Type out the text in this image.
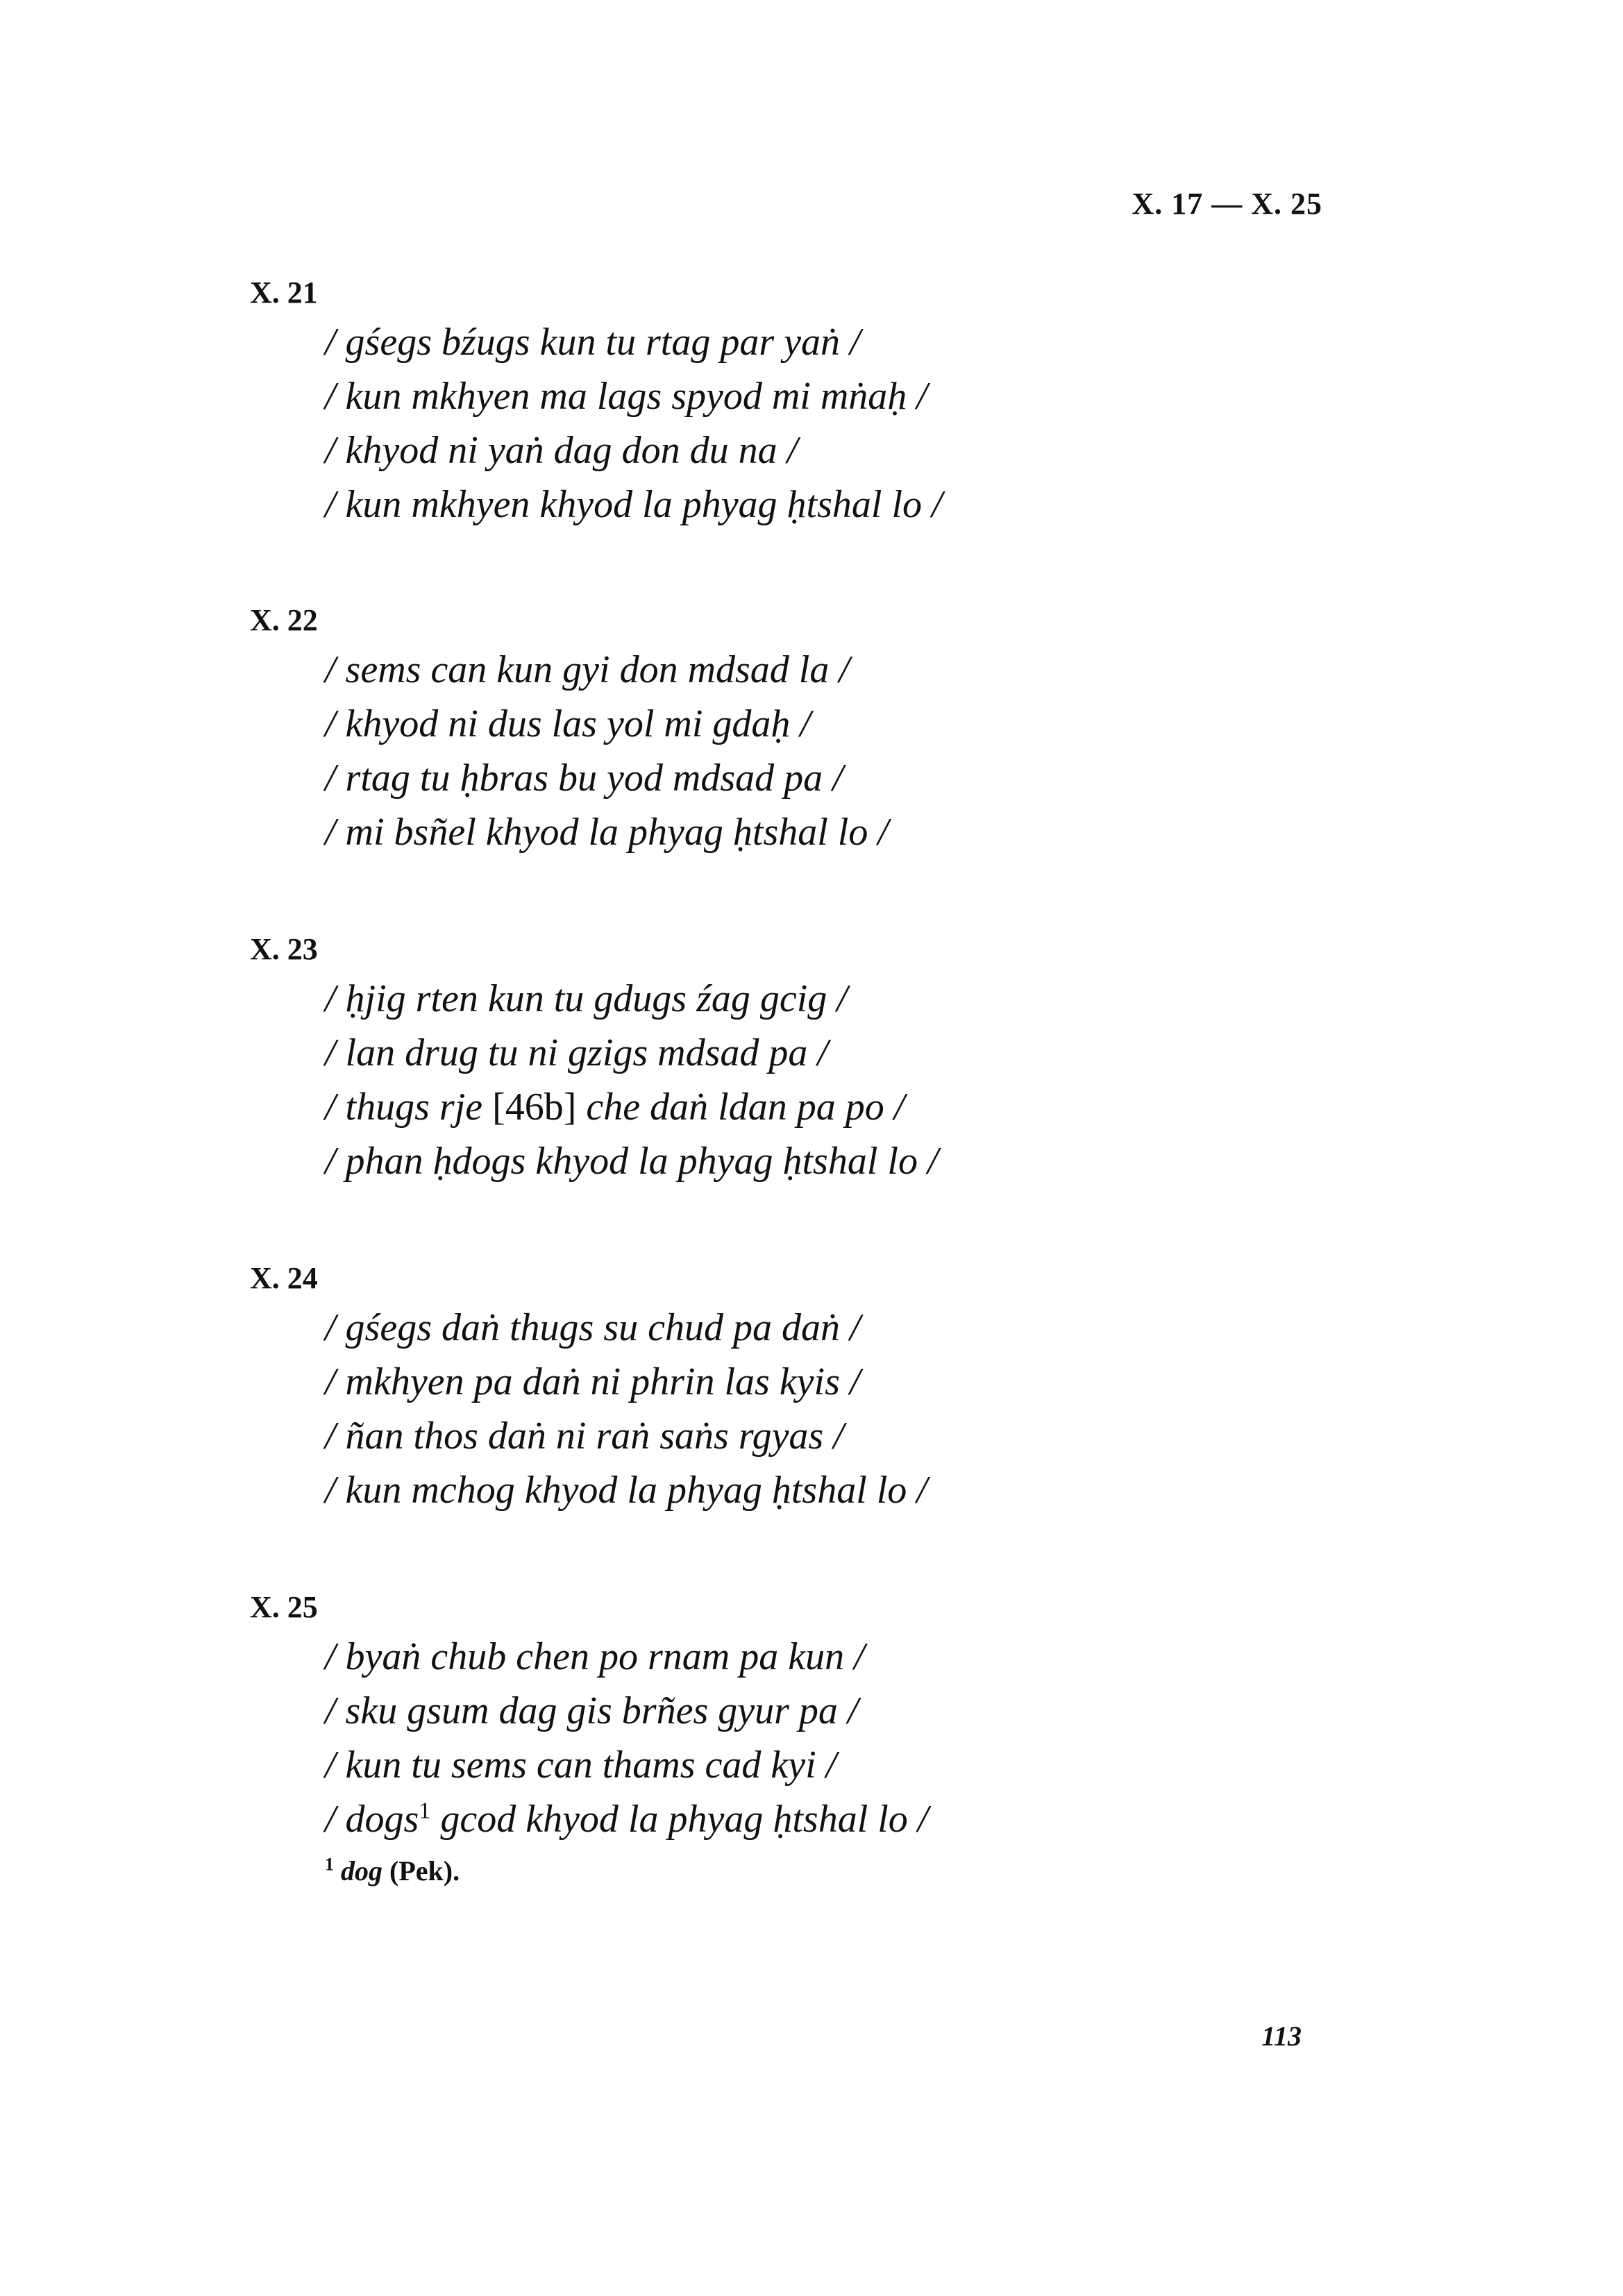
X. 17 — X. 25
X. 21
/ gśegs bźugs kun tu rtag par yaṅ /
/ kun mkhyen ma lags spyod mi mṅaḥ /
/ khyod ni yaṅ dag don du na /
/ kun mkhyen khyod la phyag ḥtshal lo /
X. 22
/ sems can kun gyi don mdsad la /
/ khyod ni dus las yol mi gdaḥ /
/ rtag tu ḥbras bu yod mdsad pa /
/ mi bsñel khyod la phyag ḥtshal lo /
X. 23
/ ḥjig rten kun tu gdugs źag gcig /
/ lan drug tu ni gzigs mdsad pa /
/ thugs rje [46b] che daṅ ldan pa po /
/ phan ḥdogs khyod la phyag ḥtshal lo /
X. 24
/ gśegs daṅ thugs su chud pa daṅ /
/ mkhyen pa daṅ ni phrin las kyis /
/ ñan thos daṅ ni raṅ saṅs rgyas /
/ kun mchog khyod la phyag ḥtshal lo /
X. 25
/ byaṅ chub chen po rnam pa kun /
/ sku gsum dag gis brñes gyur pa /
/ kun tu sems can thams cad kyi /
/ dogs$^1$ gcod khyod la phyag ḥtshal lo /
$^1$ dog (Pek).
113
